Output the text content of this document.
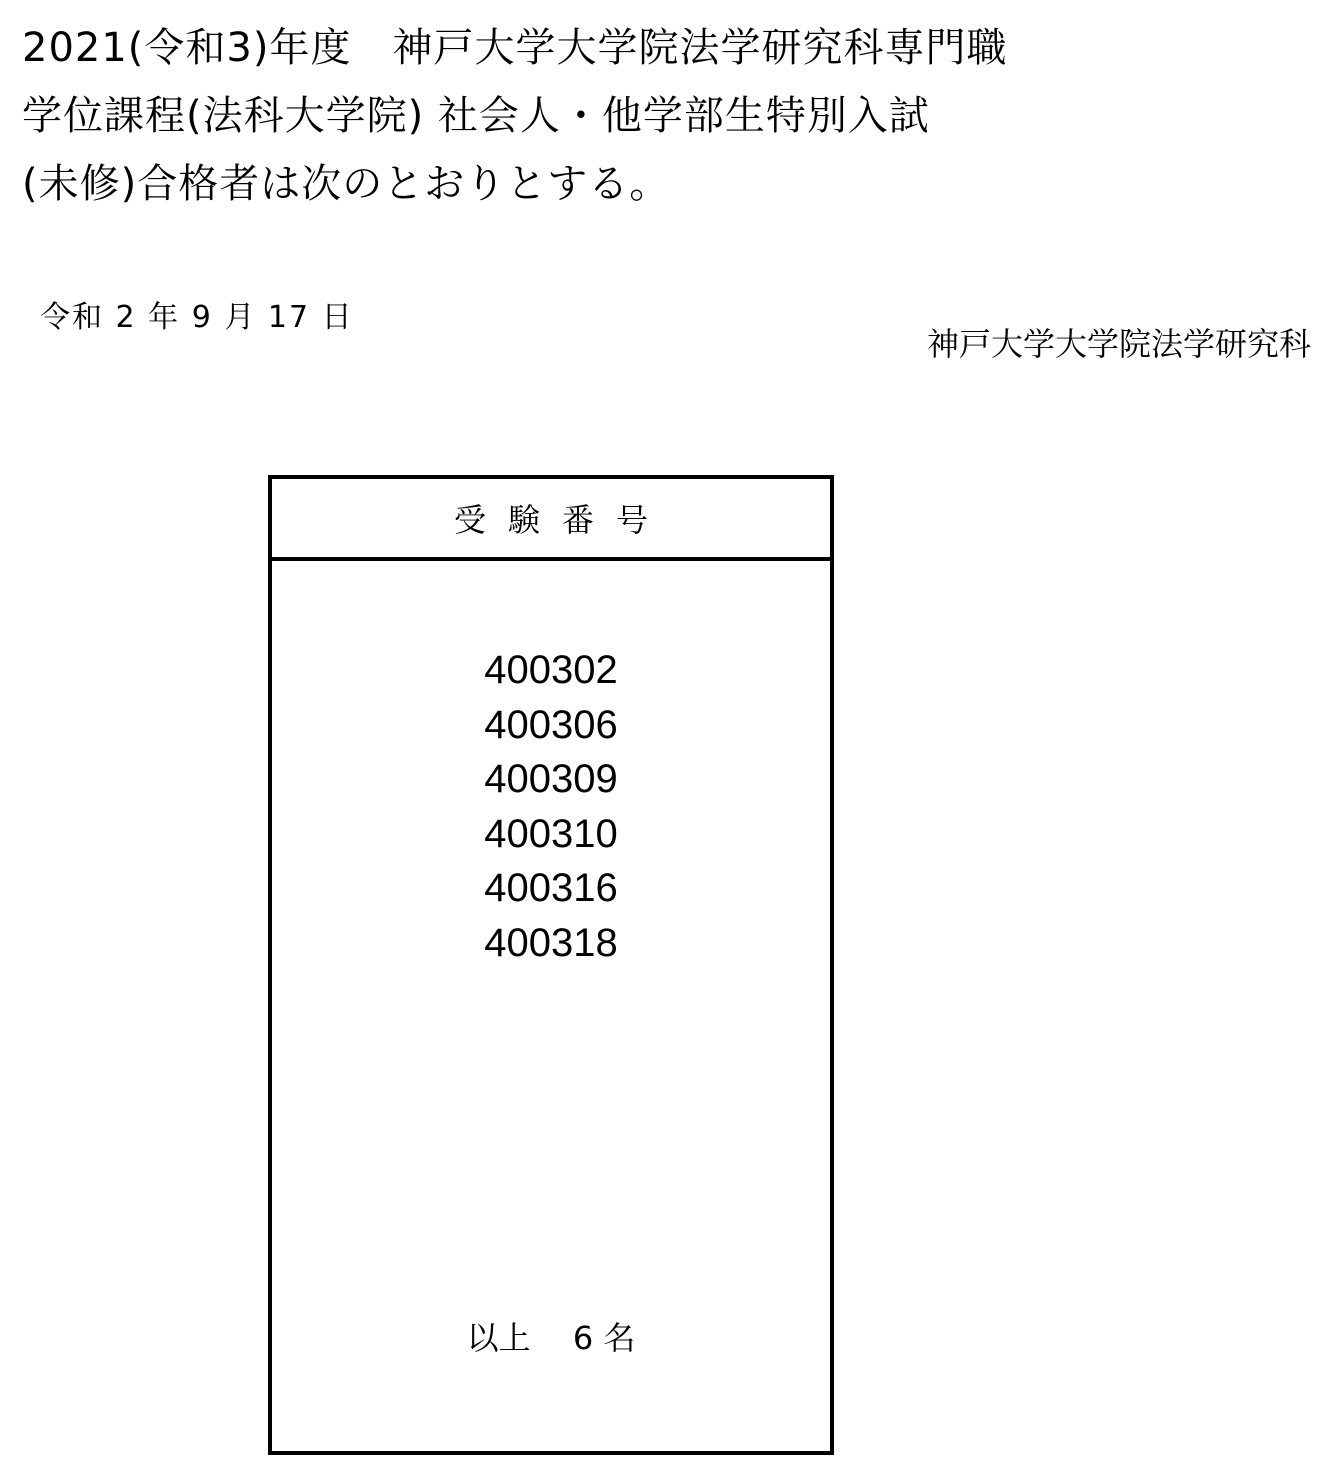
2021(令和3)年度　神戸大学大学院法学研究科専門職
学位課程(法科大学院) 社会人・他学部生特別入試
(未修)合格者は次のとおりとする。
令和 2 年 9 月 17 日
神戸大学大学院法学研究科
受験番号
400302
400306
400309
400310
400316
400318
以上　 6 名
